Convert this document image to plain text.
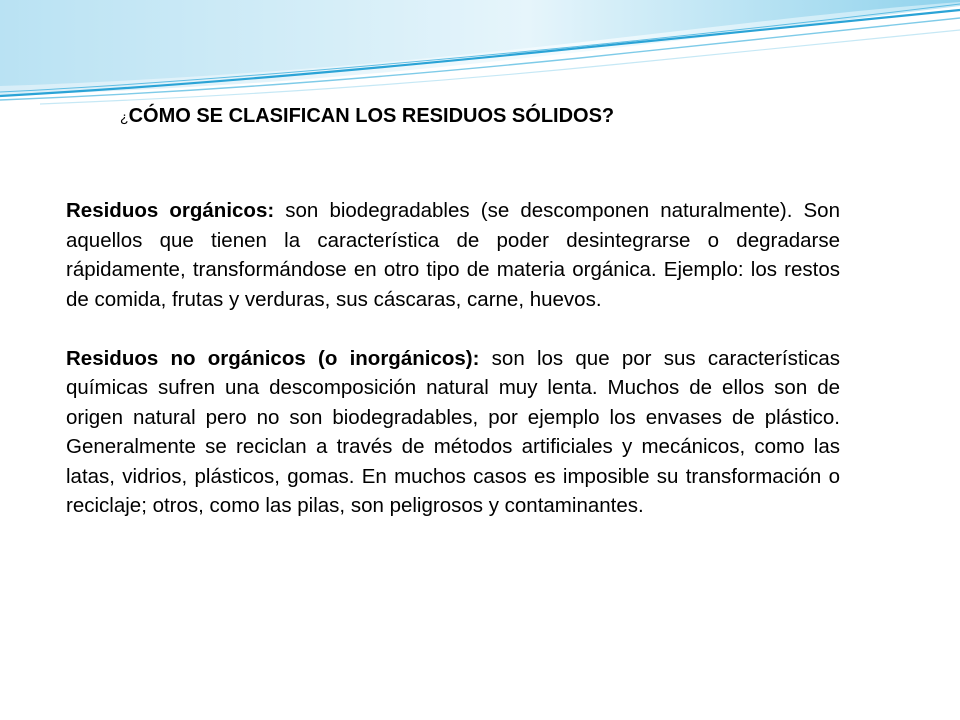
¿CÓMO SE CLASIFICAN LOS RESIDUOS SÓLIDOS?

Residuos orgánicos: son biodegradables (se descomponen naturalmente). Son aquellos que tienen la característica de poder desintegrarse o degradarse rápidamente, transformándose en otro tipo de materia orgánica. Ejemplo: los restos de comida, frutas y verduras, sus cáscaras, carne, huevos.

Residuos no orgánicos (o inorgánicos): son los que por sus características químicas sufren una descomposición natural muy lenta. Muchos de ellos son de origen natural pero no son biodegradables, por ejemplo los envases de plástico. Generalmente se reciclan a través de métodos artificiales y mecánicos, como las latas, vidrios, plásticos, gomas. En muchos casos es imposible su transformación o reciclaje; otros, como las pilas, son peligrosos y contaminantes.
